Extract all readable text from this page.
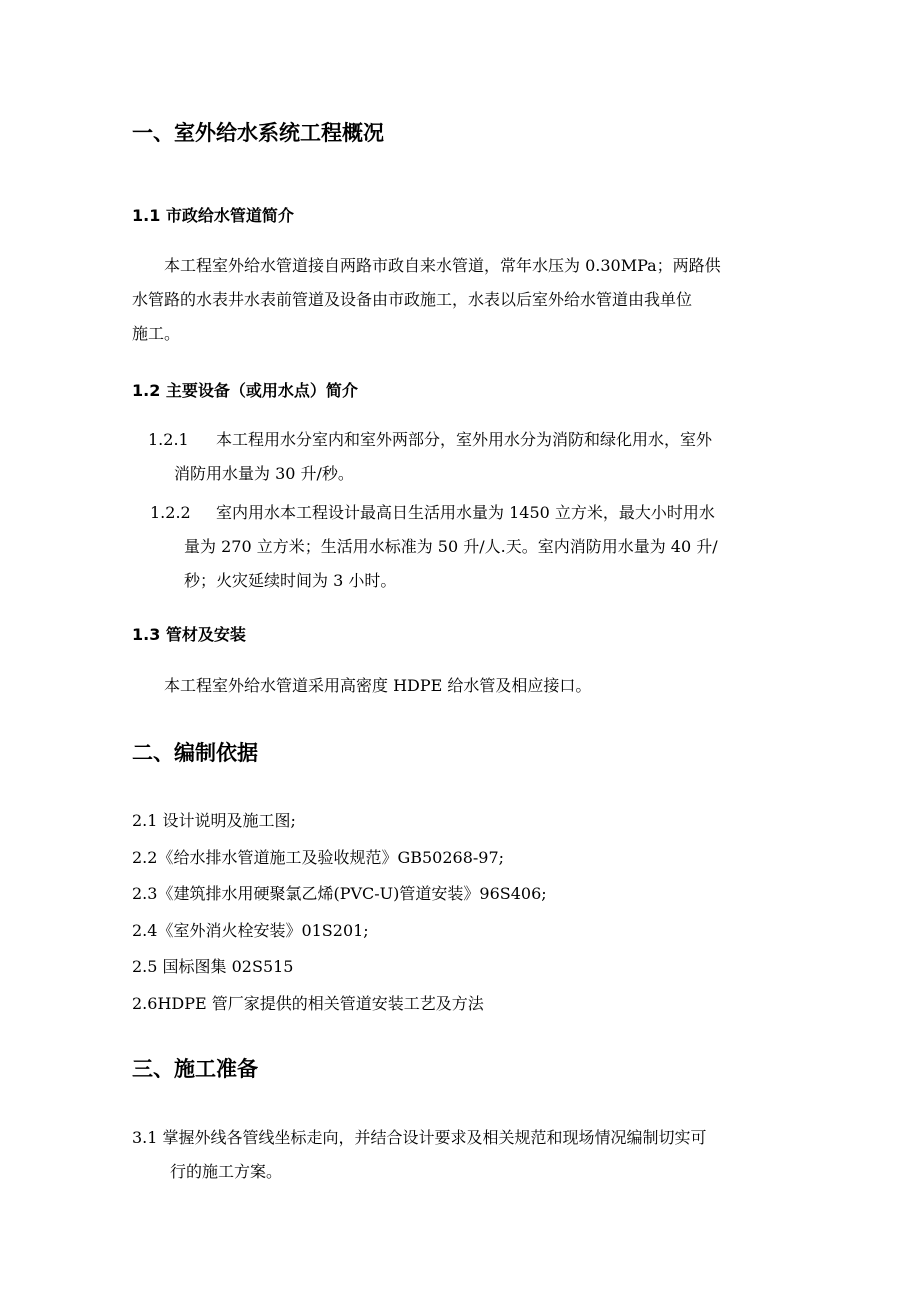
一、室外给水系统工程概况
1.1 市政给水管道简介
本工程室外给水管道接自两路市政自来水管道，常年水压为 0.30MPa；两路供
水管路的水表井水表前管道及设备由市政施工，水表以后室外给水管道由我单位
施工。
1.2 主要设备（或用水点）简介
1.2.1 本工程用水分室内和室外两部分，室外用水分为消防和绿化用水，室外
消防用水量为 30 升/秒。
1.2.2 室内用水本工程设计最高日生活用水量为 1450 立方米，最大小时用水
量为 270 立方米；生活用水标准为 50 升/人.天。室内消防用水量为 40 升/
秒；火灾延续时间为 3 小时。
1.3 管材及安装
本工程室外给水管道采用高密度 HDPE 给水管及相应接口。
二、编制依据
2.1 设计说明及施工图;
2.2《给水排水管道施工及验收规范》GB50268-97;
2.3《建筑排水用硬聚氯乙烯(PVC-U)管道安装》96S406;
2.4《室外消火栓安装》01S201;
2.5 国标图集 02S515
2.6HDPE 管厂家提供的相关管道安装工艺及方法
三、施工准备
3.1 掌握外线各管线坐标走向，并结合设计要求及相关规范和现场情况编制切实可
行的施工方案。
